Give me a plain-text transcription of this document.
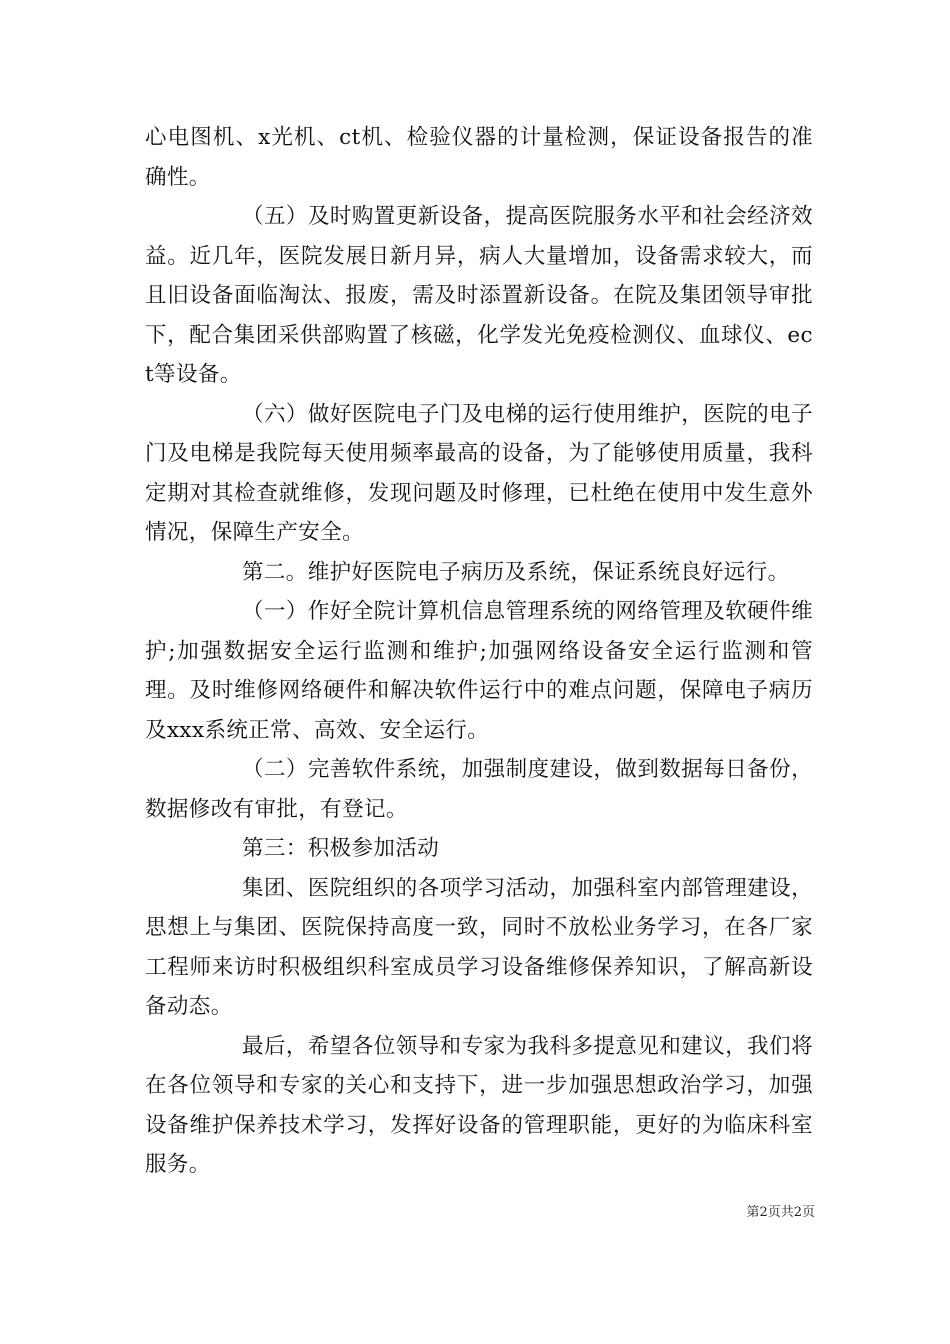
心电图机、x光机、ct机、检验仪器的计量检测，保证设备报告的准确性。

（五）及时购置更新设备，提高医院服务水平和社会经济效益。近几年，医院发展日新月异，病人大量增加，设备需求较大，而且旧设备面临淘汰、报废，需及时添置新设备。在院及集团领导审批下，配合集团采供部购置了核磁，化学发光免疫检测仪、血球仪、ect等设备。

（六）做好医院电子门及电梯的运行使用维护，医院的电子门及电梯是我院每天使用频率最高的设备，为了能够使用质量，我科定期对其检查就维修，发现问题及时修理，已杜绝在使用中发生意外情况，保障生产安全。

第二。维护好医院电子病历及系统，保证系统良好远行。

（一）作好全院计算机信息管理系统的网络管理及软硬件维护;加强数据安全运行监测和维护;加强网络设备安全运行监测和管理。及时维修网络硬件和解决软件运行中的难点问题，保障电子病历及xxx系统正常、高效、安全运行。

（二）完善软件系统，加强制度建设，做到数据每日备份，数据修改有审批，有登记。

第三：积极参加活动

集团、医院组织的各项学习活动，加强科室内部管理建设，思想上与集团、医院保持高度一致，同时不放松业务学习，在各厂家工程师来访时积极组织科室成员学习设备维修保养知识，了解高新设备动态。

最后，希望各位领导和专家为我科多提意见和建议，我们将在各位领导和专家的关心和支持下，进一步加强思想政治学习，加强设备维护保养技术学习，发挥好设备的管理职能，更好的为临床科室服务。

第2页共2页
